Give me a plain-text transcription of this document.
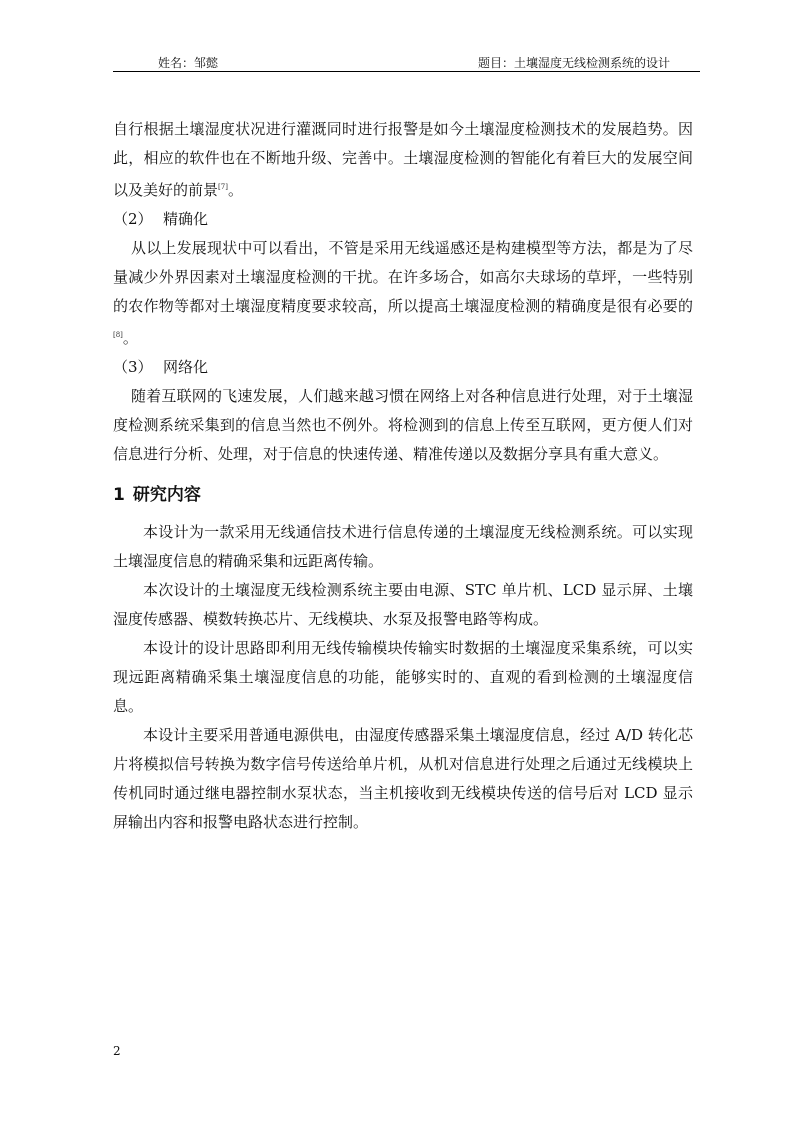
姓名：邹懿	题目：土壤湿度无线检测系统的设计

自行根据土壤湿度状况进行灌溉同时进行报警是如今土壤湿度检测技术的发展趋势。因此，相应的软件也在不断地升级、完善中。土壤湿度检测的智能化有着巨大的发展空间以及美好的前景[7]。

（2） 精确化

从以上发展现状中可以看出，不管是采用无线遥感还是构建模型等方法，都是为了尽量减少外界因素对土壤湿度检测的干扰。在许多场合，如高尔夫球场的草坪，一些特别的农作物等都对土壤湿度精度要求较高，所以提高土壤湿度检测的精确度是很有必要的[8]。

（3） 网络化

随着互联网的飞速发展，人们越来越习惯在网络上对各种信息进行处理，对于土壤湿度检测系统采集到的信息当然也不例外。将检测到的信息上传至互联网，更方便人们对信息进行分析、处理，对于信息的快速传递、精准传递以及数据分享具有重大意义。

1 研究内容

本设计为一款采用无线通信技术进行信息传递的土壤湿度无线检测系统。可以实现土壤湿度信息的精确采集和远距离传输。

本次设计的土壤湿度无线检测系统主要由电源、STC 单片机、LCD 显示屏、土壤湿度传感器、模数转换芯片、无线模块、水泵及报警电路等构成。

本设计的设计思路即利用无线传输模块传输实时数据的土壤湿度采集系统，可以实现远距离精确采集土壤湿度信息的功能，能够实时的、直观的看到检测的土壤湿度信息。

本设计主要采用普通电源供电，由湿度传感器采集土壤湿度信息，经过 A/D 转化芯片将模拟信号转换为数字信号传送给单片机，从机对信息进行处理之后通过无线模块上传机同时通过继电器控制水泵状态，当主机接收到无线模块传送的信号后对 LCD 显示屏输出内容和报警电路状态进行控制。

2
